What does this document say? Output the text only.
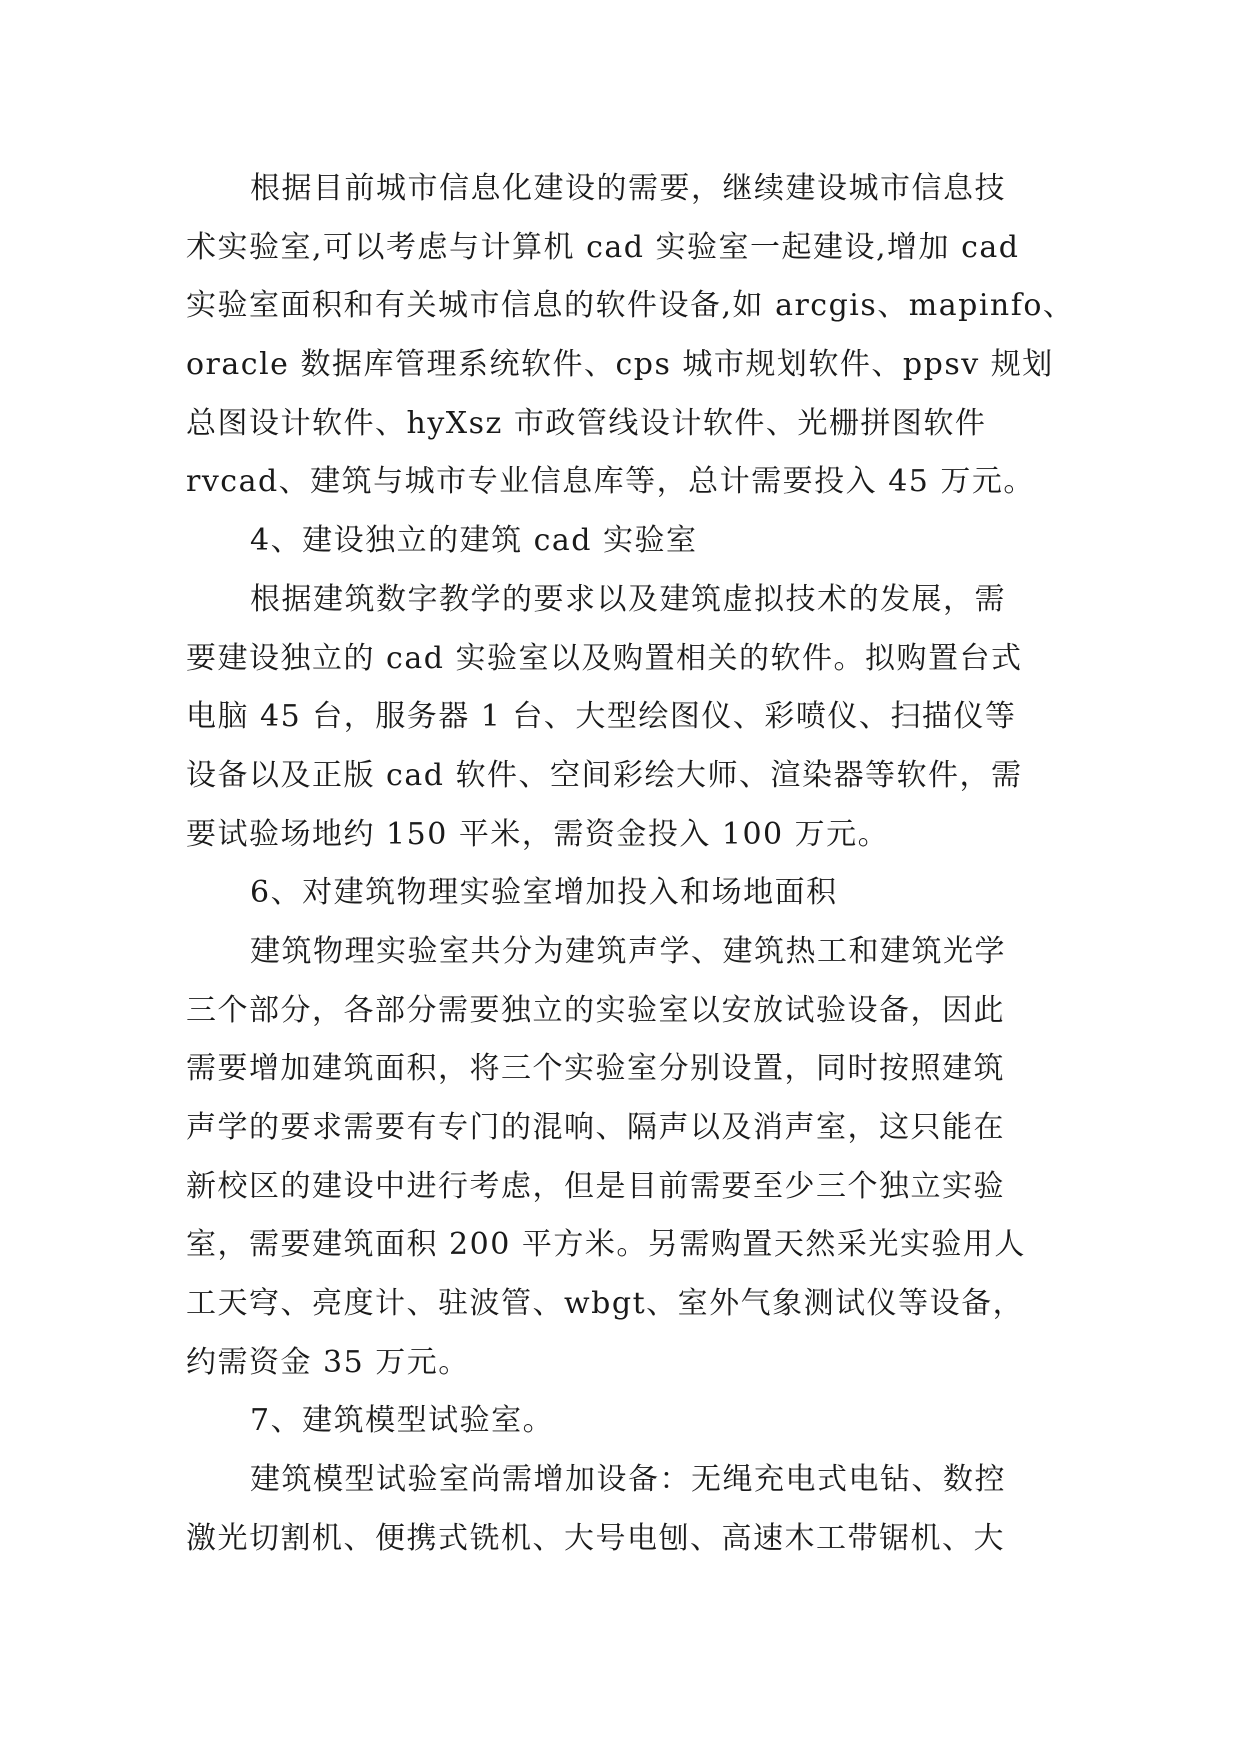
根据目前城市信息化建设的需要，继续建设城市信息技
术实验室,可以考虑与计算机 cad 实验室一起建设,增加 cad
实验室面积和有关城市信息的软件设备,如 arcgis、mapinfo、
oracle 数据库管理系统软件、cps 城市规划软件、ppsv 规划
总图设计软件、hyXsz 市政管线设计软件、光栅拼图软件
rvcad、建筑与城市专业信息库等，总计需要投入 45 万元。
4、建设独立的建筑 cad 实验室
根据建筑数字教学的要求以及建筑虚拟技术的发展，需
要建设独立的 cad 实验室以及购置相关的软件。拟购置台式
电脑 45 台，服务器 1 台、大型绘图仪、彩喷仪、扫描仪等
设备以及正版 cad 软件、空间彩绘大师、渲染器等软件，需
要试验场地约 150 平米，需资金投入 100 万元。
6、对建筑物理实验室增加投入和场地面积
建筑物理实验室共分为建筑声学、建筑热工和建筑光学
三个部分，各部分需要独立的实验室以安放试验设备，因此
需要增加建筑面积，将三个实验室分别设置，同时按照建筑
声学的要求需要有专门的混响、隔声以及消声室，这只能在
新校区的建设中进行考虑，但是目前需要至少三个独立实验
室，需要建筑面积 200 平方米。另需购置天然采光实验用人
工天穹、亮度计、驻波管、wbgt、室外气象测试仪等设备，
约需资金 35 万元。
7、建筑模型试验室。
建筑模型试验室尚需增加设备：无绳充电式电钻、数控
激光切割机、便携式铣机、大号电刨、高速木工带锯机、大
